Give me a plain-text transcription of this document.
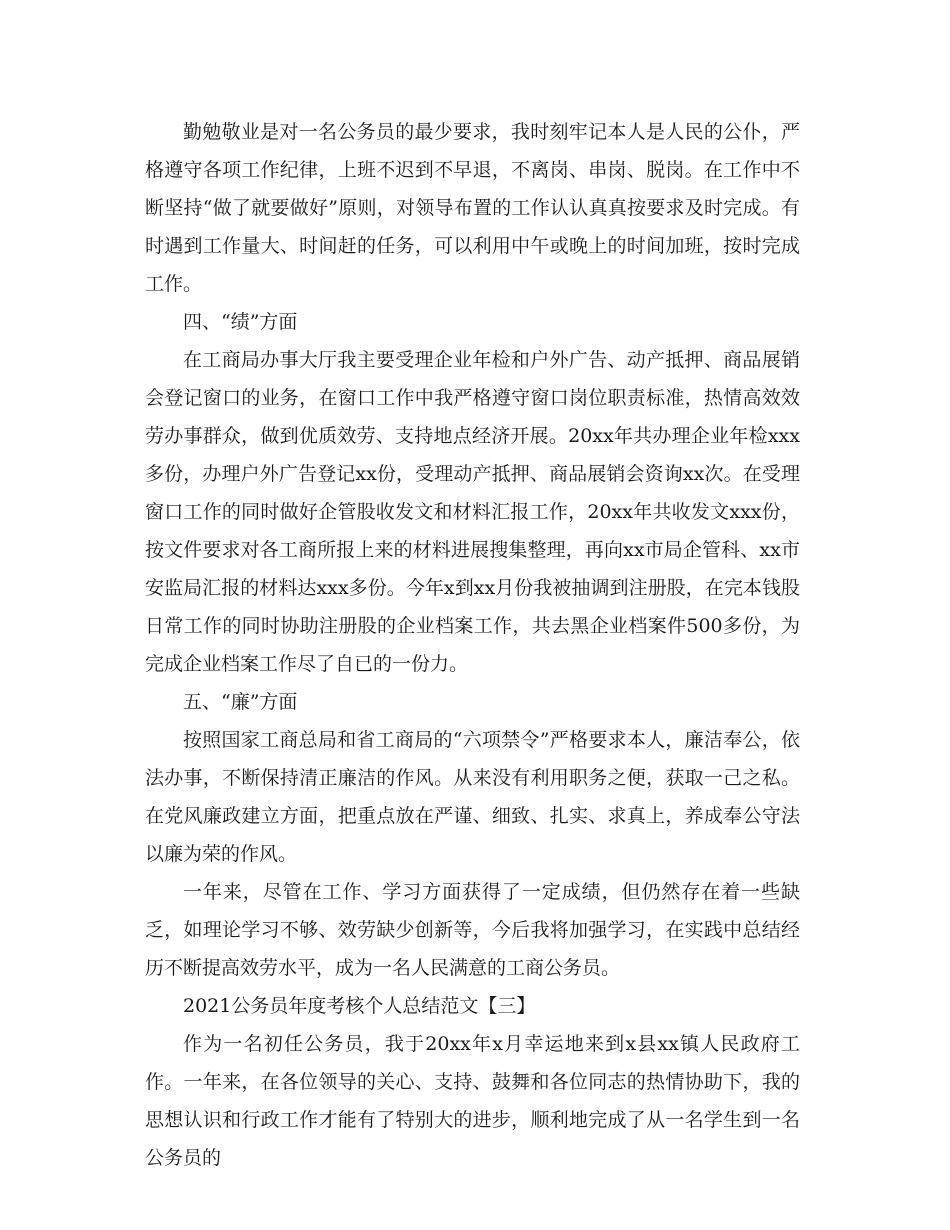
勤勉敬业是对一名公务员的最少要求，我时刻牢记本人是人民的公仆，严格遵守各项工作纪律，上班不迟到不早退，不离岗、串岗、脱岗。在工作中不断坚持“做了就要做好”原则，对领导布置的工作认认真真按要求及时完成。有时遇到工作量大、时间赶的任务，可以利用中午或晚上的时间加班，按时完成工作。

四、“绩”方面

在工商局办事大厅我主要受理企业年检和户外广告、动产抵押、商品展销会登记窗口的业务，在窗口工作中我严格遵守窗口岗位职责标准，热情高效效劳办事群众，做到优质效劳、支持地点经济开展。20xx年共办理企业年检xxx多份，办理户外广告登记xx份，受理动产抵押、商品展销会资询xx次。在受理窗口工作的同时做好企管股收发文和材料汇报工作，20xx年共收发文xxx份，按文件要求对各工商所报上来的材料进展搜集整理，再向xx市局企管科、xx市安监局汇报的材料达xxx多份。今年x到xx月份我被抽调到注册股，在完本钱股日常工作的同时协助注册股的企业档案工作，共去黑企业档案件500多份，为完成企业档案工作尽了自已的一份力。

五、“廉”方面

按照国家工商总局和省工商局的“六项禁令”严格要求本人，廉洁奉公，依法办事，不断保持清正廉洁的作风。从来没有利用职务之便，获取一己之私。在党风廉政建立方面，把重点放在严谨、细致、扎实、求真上，养成奉公守法以廉为荣的作风。

一年来，尽管在工作、学习方面获得了一定成绩，但仍然存在着一些缺乏，如理论学习不够、效劳缺少创新等，今后我将加强学习，在实践中总结经历不断提高效劳水平，成为一名人民满意的工商公务员。

2021公务员年度考核个人总结范文【三】

作为一名初任公务员，我于20xx年x月幸运地来到x县xx镇人民政府工作。一年来，在各位领导的关心、支持、鼓舞和各位同志的热情协助下，我的思想认识和行政工作才能有了特别大的进步，顺利地完成了从一名学生到一名公务员的
